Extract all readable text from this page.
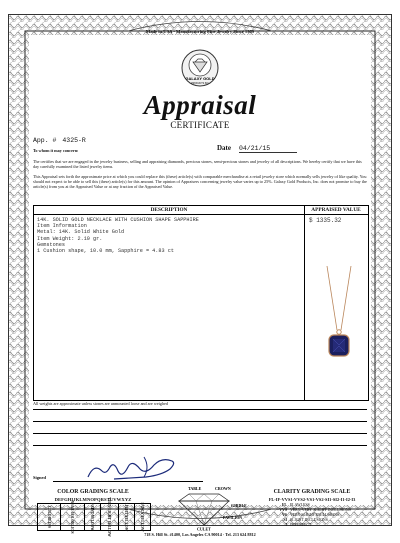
Made in USA - Manufacturing Fine Jewelry Since 1989
GALAXY GOLD
PRODUCTS INC
Appraisal
CERTIFICATE
App. # 4325-R
To whom it may concern:	Date 04/21/15
The certifies that we are engaged in the jewelry business, selling and appraising diamonds, precious stones, semi-precious stones and jewelry of all descriptions. We hereby certify that we have this day carefully examined the listed jewelry items.
This Appraisal sets forth the approximate price at which you could replace this (these) article(s) with comparable merchandise at a retail jewelry store which normally sells jewelry of like quality. You should not expect to be able to sell this (these) article(s) for this amount. The opinion of Appraisers concerning jewelry value varies up to 25%. Galaxy Gold Products, Inc. does not promise to buy the article(s) from you at the Appraised Value or at any fraction of the Appraised Value.
DESCRIPTION	APPRAISED VALUE
14K. SOLID GOLD NECKLACE WITH CUSHION SHAPE SAPPHIRE
Item Information
Metal: 14K. Solid White Gold
Item Weight: 2.10 gr.
Gemstones
1 Cushion shape, 10.0 mm, Sapphire = 4.83 ct
$ 1335.32
All weights are approximate unless stones are unmounted loose and are weighed
Signed
COLOR GRADING SCALE
DEFGHIJKLMNOPQRSTUVWXYZ
COLORLESS	NEAR COLORLESS	FAINT YELLOW	VERY LIGHT YELLOW	LIGHT YELLOW	FANCY YELLOW
TABLE	CROWN
GIRDLE
PAVILION
CULET
CLARITY GRADING SCALE
FL-IF-VVS1-VVS2-VS1-VS2-SI1-SI2-I1-I2-I3
FL FLAWLESS
VVS VERY, VERY SLIGHT INCLUSIONS
VS VERY SLIGHT INCLUSIONS
SI SLIGHT INCLUSIONS
I IMPERFECT
718 S. Hill St. #1400, Los Angeles CA 90014 · Tel. 213 624 8812
